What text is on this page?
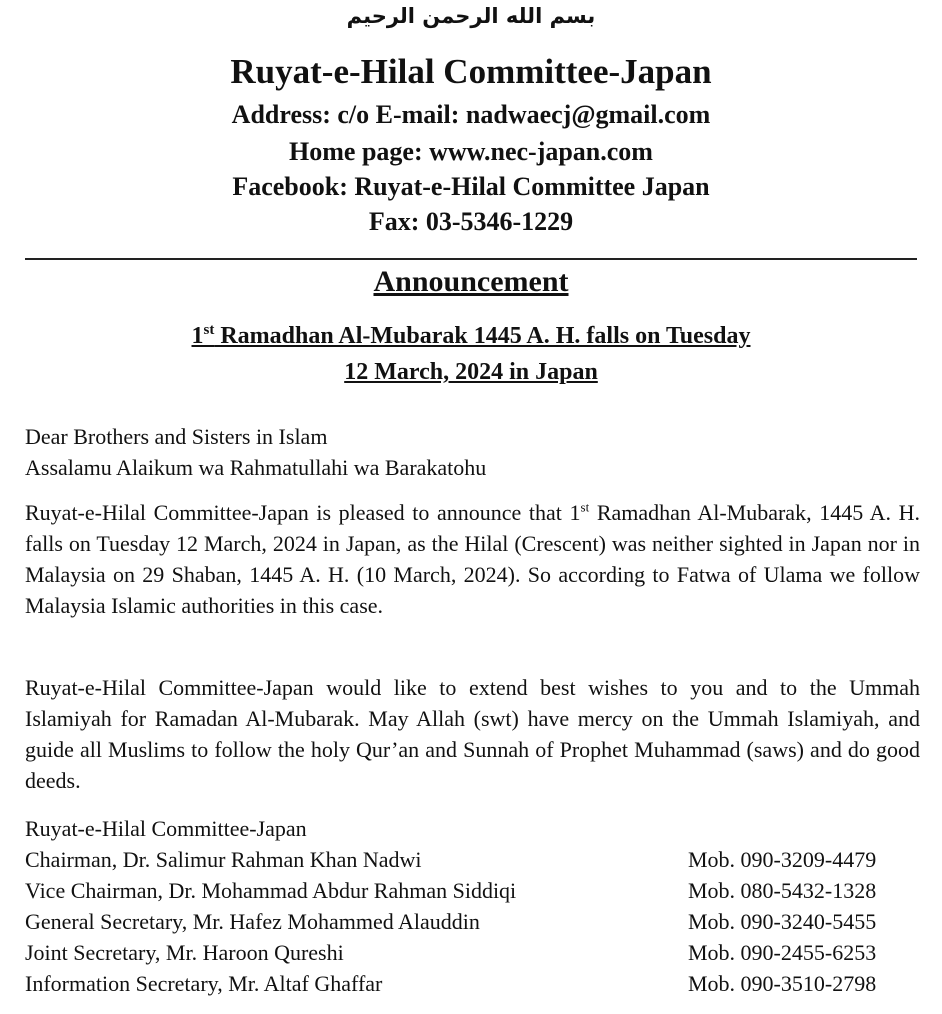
بسم الله الرحمن الرحيم
Ruyat-e-Hilal Committee-Japan
Address: c/o E-mail: nadwaecj@gmail.com
Home page: www.nec-japan.com
Facebook: Ruyat-e-Hilal Committee Japan
Fax: 03-5346-1229
Announcement
1st Ramadhan Al-Mubarak 1445 A. H. falls on Tuesday
12 March, 2024 in Japan
Dear Brothers and Sisters in Islam
Assalamu Alaikum wa Rahmatullahi wa Barakatohu
Ruyat-e-Hilal Committee-Japan is pleased to announce that 1st Ramadhan Al-Mubarak, 1445 A. H. falls on Tuesday 12 March, 2024 in Japan, as the Hilal (Crescent) was neither sighted in Japan nor in Malaysia on 29 Shaban, 1445 A. H. (10 March, 2024). So according to Fatwa of Ulama we follow Malaysia Islamic authorities in this case.
Ruyat-e-Hilal Committee-Japan would like to extend best wishes to you and to the Ummah Islamiyah for Ramadan Al-Mubarak. May Allah (swt) have mercy on the Ummah Islamiyah, and guide all Muslims to follow the holy Qur’an and Sunnah of Prophet Muhammad (saws) and do good deeds.
Ruyat-e-Hilal Committee-Japan
Chairman, Dr. Salimur Rahman Khan Nadwi	Mob. 090-3209-4479
Vice Chairman, Dr. Mohammad Abdur Rahman Siddiqi	Mob. 080-5432-1328
General Secretary, Mr. Hafez Mohammed Alauddin	Mob. 090-3240-5455
Joint Secretary, Mr. Haroon Qureshi	Mob. 090-2455-6253
Information Secretary, Mr. Altaf Ghaffar	Mob. 090-3510-2798
